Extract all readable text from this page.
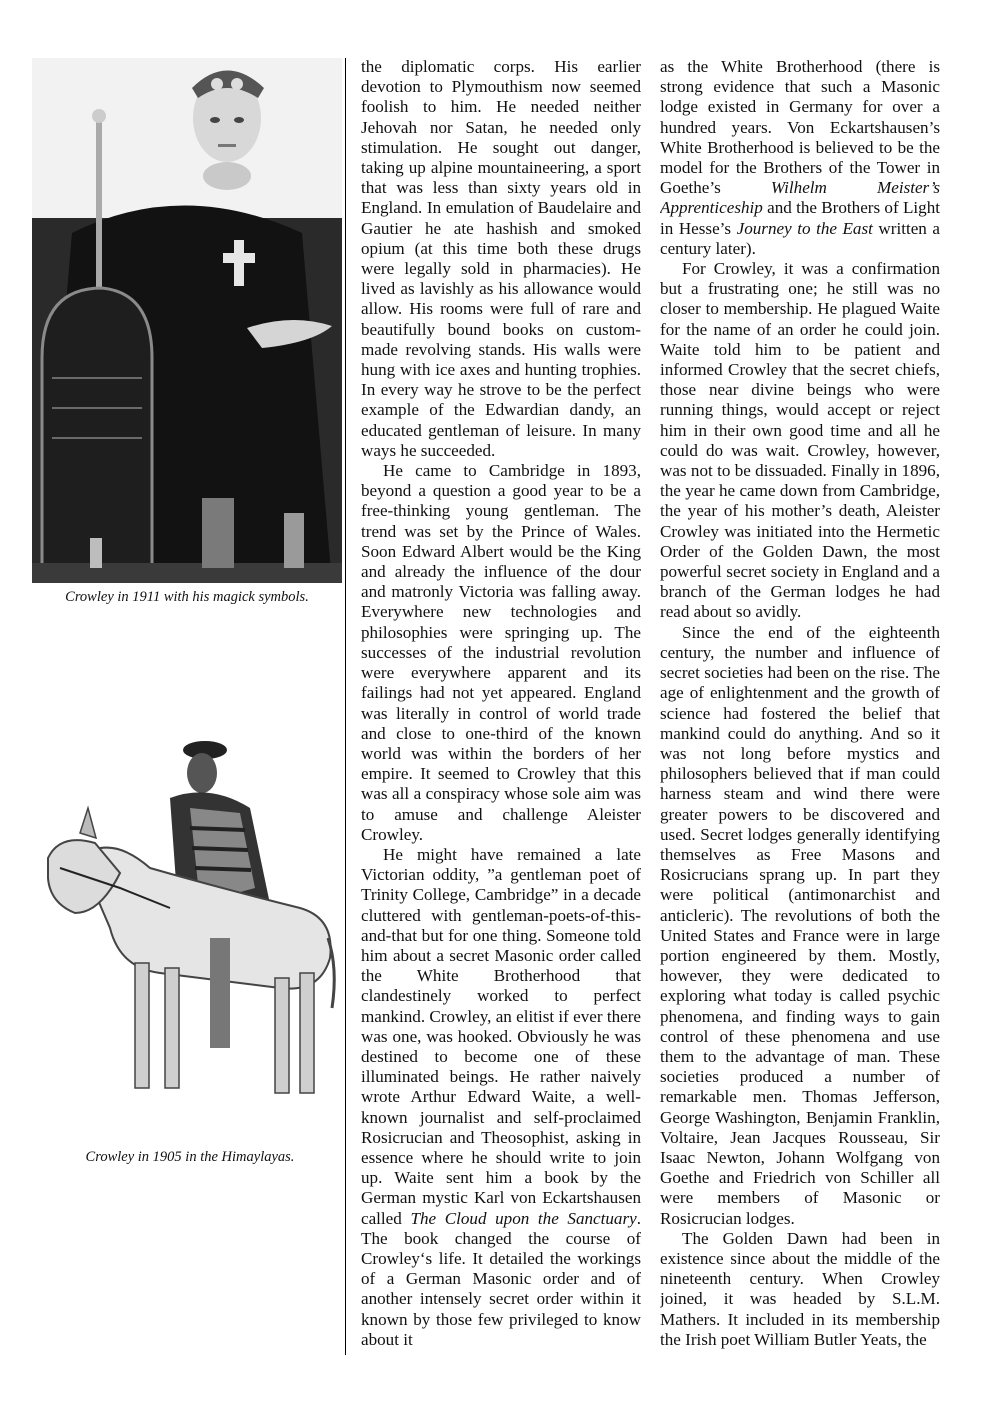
Crowley in 1911 with his magick symbols.
Crowley in 1905 in the Himaylayas.

the diplomatic corps. His earlier devotion to Plymouthism now seemed foolish to him. He needed neither Jehovah nor Satan, he needed only stimulation. He sought out danger, taking up alpine mountaineering, a sport that was less than sixty years old in England. In emulation of Baudelaire and Gautier he ate hashish and smoked opium (at this time both these drugs were legally sold in pharmacies). He lived as lavishly as his allowance would allow. His rooms were full of rare and beautifully bound books on custom-made revolving stands. His walls were hung with ice axes and hunting trophies. In every way he strove to be the perfect example of the Edwardian dandy, an educated gentleman of leisure. In many ways he succeeded.

He came to Cambridge in 1893, beyond a question a good year to be a free-thinking young gentleman. The trend was set by the Prince of Wales. Soon Edward Albert would be the King and already the influence of the dour and matronly Victoria was falling away. Everywhere new technologies and philosophies were springing up. The successes of the industrial revolution were everywhere apparent and its failings had not yet appeared. England was literally in control of world trade and close to one-third of the known world was within the borders of her empire. It seemed to Crowley that this was all a conspiracy whose sole aim was to amuse and challenge Aleister Crowley.

He might have remained a late Victorian oddity, ”a gentleman poet of Trinity College, Cambridge” in a decade cluttered with gentleman-poets-of-this-and-that but for one thing. Someone told him about a secret Masonic order called the White Brotherhood that clandestinely worked to perfect mankind. Crowley, an elitist if ever there was one, was hooked. Obviously he was destined to become one of these illuminated beings. He rather naively wrote Arthur Edward Waite, a well-known journalist and self-proclaimed Rosicrucian and Theosophist, asking in essence where he should write to join up. Waite sent him a book by the German mystic Karl von Eckartshausen called The Cloud upon the Sanctuary. The book changed the course of Crowley‘s life. It detailed the workings of a German Masonic order and of another intensely secret order within it known by those few privileged to know about it

as the White Brotherhood (there is strong evidence that such a Masonic lodge existed in Germany for over a hundred years. Von Eckartshausen’s White Brotherhood is believed to be the model for the Brothers of the Tower in Goethe’s Wilhelm Meister’s Apprenticeship and the Brothers of Light in Hesse’s Journey to the East written a century later).

For Crowley, it was a confirmation but a frustrating one; he still was no closer to membership. He plagued Waite for the name of an order he could join. Waite told him to be patient and informed Crowley that the secret chiefs, those near divine beings who were running things, would accept or reject him in their own good time and all he could do was wait. Crowley, however, was not to be dissuaded. Finally in 1896, the year he came down from Cambridge, the year of his mother’s death, Aleister Crowley was initiated into the Hermetic Order of the Golden Dawn, the most powerful secret society in England and a branch of the German lodges he had read about so avidly.

Since the end of the eighteenth century, the number and influence of secret societies had been on the rise. The age of enlightenment and the growth of science had fostered the belief that mankind could do anything. And so it was not long before mystics and philosophers believed that if man could harness steam and wind there were greater powers to be discovered and used. Secret lodges generally identifying themselves as Free Masons and Rosicrucians sprang up. In part they were political (antimonarchist and anticleric). The revolutions of both the United States and France were in large portion engineered by them. Mostly, however, they were dedicated to exploring what today is called psychic phenomena, and finding ways to gain control of these phenomena and use them to the advantage of man. These societies produced a number of remarkable men. Thomas Jefferson, George Washington, Benjamin Franklin, Voltaire, Jean Jacques Rousseau, Sir Isaac Newton, Johann Wolfgang von Goethe and Friedrich von Schiller all were members of Masonic or Rosicrucian lodges.

The Golden Dawn had been in existence since about the middle of the nineteenth century. When Crowley joined, it was headed by S.L.M. Mathers. It included in its membership the Irish poet William Butler Yeats, the
